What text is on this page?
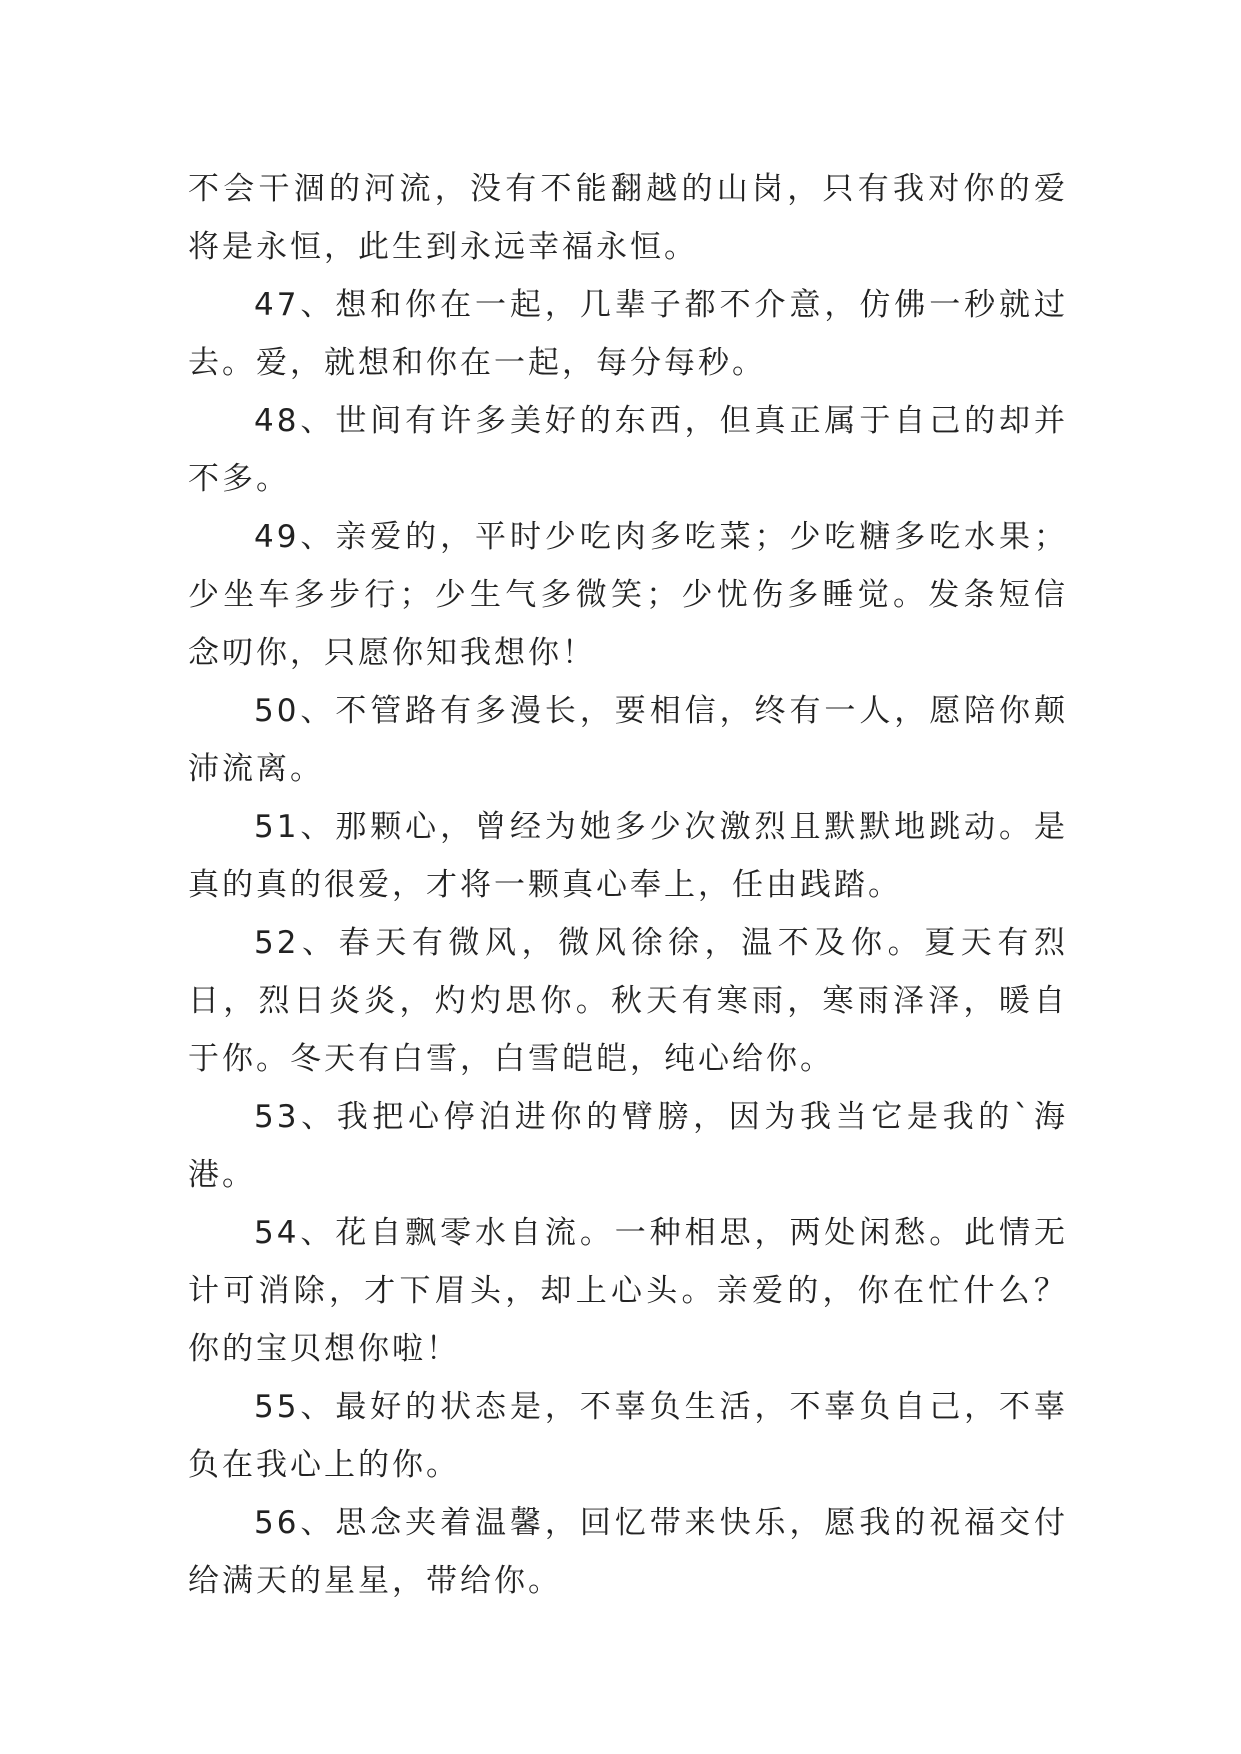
不会干涸的河流，没有不能翻越的山岗，只有我对你的爱将是永恒，此生到永远幸福永恒。

47、想和你在一起，几辈子都不介意，仿佛一秒就过去。爱，就想和你在一起，每分每秒。

48、世间有许多美好的东西，但真正属于自己的却并不多。

49、亲爱的，平时少吃肉多吃菜；少吃糖多吃水果；少坐车多步行；少生气多微笑；少忧伤多睡觉。发条短信念叨你，只愿你知我想你！

50、不管路有多漫长，要相信，终有一人，愿陪你颠沛流离。

51、那颗心，曾经为她多少次激烈且默默地跳动。是真的真的很爱，才将一颗真心奉上，任由践踏。

52、春天有微风，微风徐徐，温不及你。夏天有烈日，烈日炎炎，灼灼思你。秋天有寒雨，寒雨泽泽，暖自于你。冬天有白雪，白雪皑皑，纯心给你。

53、我把心停泊进你的臂膀，因为我当它是我的`海港。

54、花自飘零水自流。一种相思，两处闲愁。此情无计可消除，才下眉头，却上心头。亲爱的，你在忙什么？你的宝贝想你啦！

55、最好的状态是，不辜负生活，不辜负自己，不辜负在我心上的你。

56、思念夹着温馨，回忆带来快乐，愿我的祝福交付给满天的星星，带给你。
